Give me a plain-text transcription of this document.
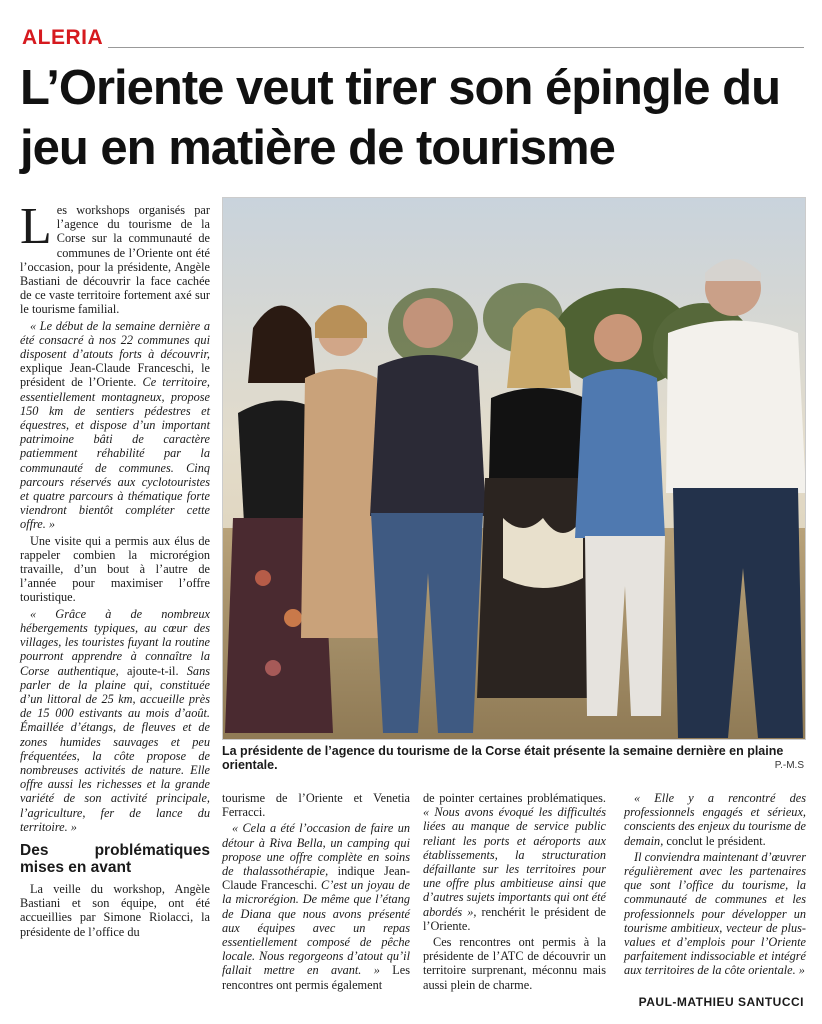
ALERIA
L’Oriente veut tirer son épingle du jeu en matière de tourisme

Les workshops organisés par l’agence du tourisme de la Corse sur la communauté de communes de l’Oriente ont été l’occasion, pour la présidente, Angèle Bastiani de découvrir la face cachée de ce vaste territoire fortement axé sur le tourisme familial.

« Le début de la semaine dernière a été consacré à nos 22 communes qui disposent d’atouts forts à découvrir, explique Jean-Claude Franceschi, le président de l’Oriente. Ce territoire, essentiellement montagneux, propose 150 km de sentiers pédestres et équestres, et dispose d’un important patrimoine bâti de caractère patiemment réhabilité par la communauté de communes. Cinq parcours réservés aux cyclotouristes et quatre parcours à thématique forte viendront bientôt compléter cette offre. »

Une visite qui a permis aux élus de rappeler combien la microrégion travaille, d’un bout à l’autre de l’année pour maximiser l’offre touristique.

« Grâce à de nombreux hébergements typiques, au cœur des villages, les touristes fuyant la routine pourront apprendre à connaître la Corse authentique, ajoute-t-il. Sans parler de la plaine qui, constituée d’un littoral de 25 km, accueille près de 15 000 estivants au mois d’août. Émaillée d’étangs, de fleuves et de zones humides sauvages et peu fréquentées, la côte propose de nombreuses activités de nature. Elle offre aussi les richesses et la grande variété de son activité principale, l’agriculture, fer de lance du territoire. »

Des problématiques mises en avant

La veille du workshop, Angèle Bastiani et son équipe, ont été accueillies par Simone Riolacci, la présidente de l’office du

La présidente de l’agence du tourisme de la Corse était présente la semaine dernière en plaine orientale.	P.-M.S

tourisme de l’Oriente et Venetia Ferracci.

« Cela a été l’occasion de faire un détour à Riva Bella, un camping qui propose une offre complète en soins de thalassothérapie, indique Jean-Claude Franceschi. C’est un joyau de la microrégion. De même que l’étang de Diana que nous avons présenté aux équipes avec un repas essentiellement composé de pêche locale. Nous regorgeons d’atout qu’il fallait mettre en avant. » Les rencontres ont permis également

de pointer certaines problématiques. « Nous avons évoqué les difficultés liées au manque de service public reliant les ports et aéroports aux établissements, la structuration défaillante sur les territoires pour une offre plus ambitieuse ainsi que d’autres sujets importants qui ont été abordés », renchérit le président de l’Oriente.

Ces rencontres ont permis à la présidente de l’ATC de découvrir un territoire surprenant, méconnu mais aussi plein de charme.

« Elle y a rencontré des professionnels engagés et sérieux, conscients des enjeux du tourisme de demain, conclut le président.

Il conviendra maintenant d’œuvrer régulièrement avec les partenaires que sont l’office du tourisme, la communauté de communes et les professionnels pour développer un tourisme ambitieux, vecteur de plus-values et d’emplois pour l’Oriente parfaitement indissociable et intégré aux territoires de la côte orientale. »

PAUL-MATHIEU SANTUCCI
